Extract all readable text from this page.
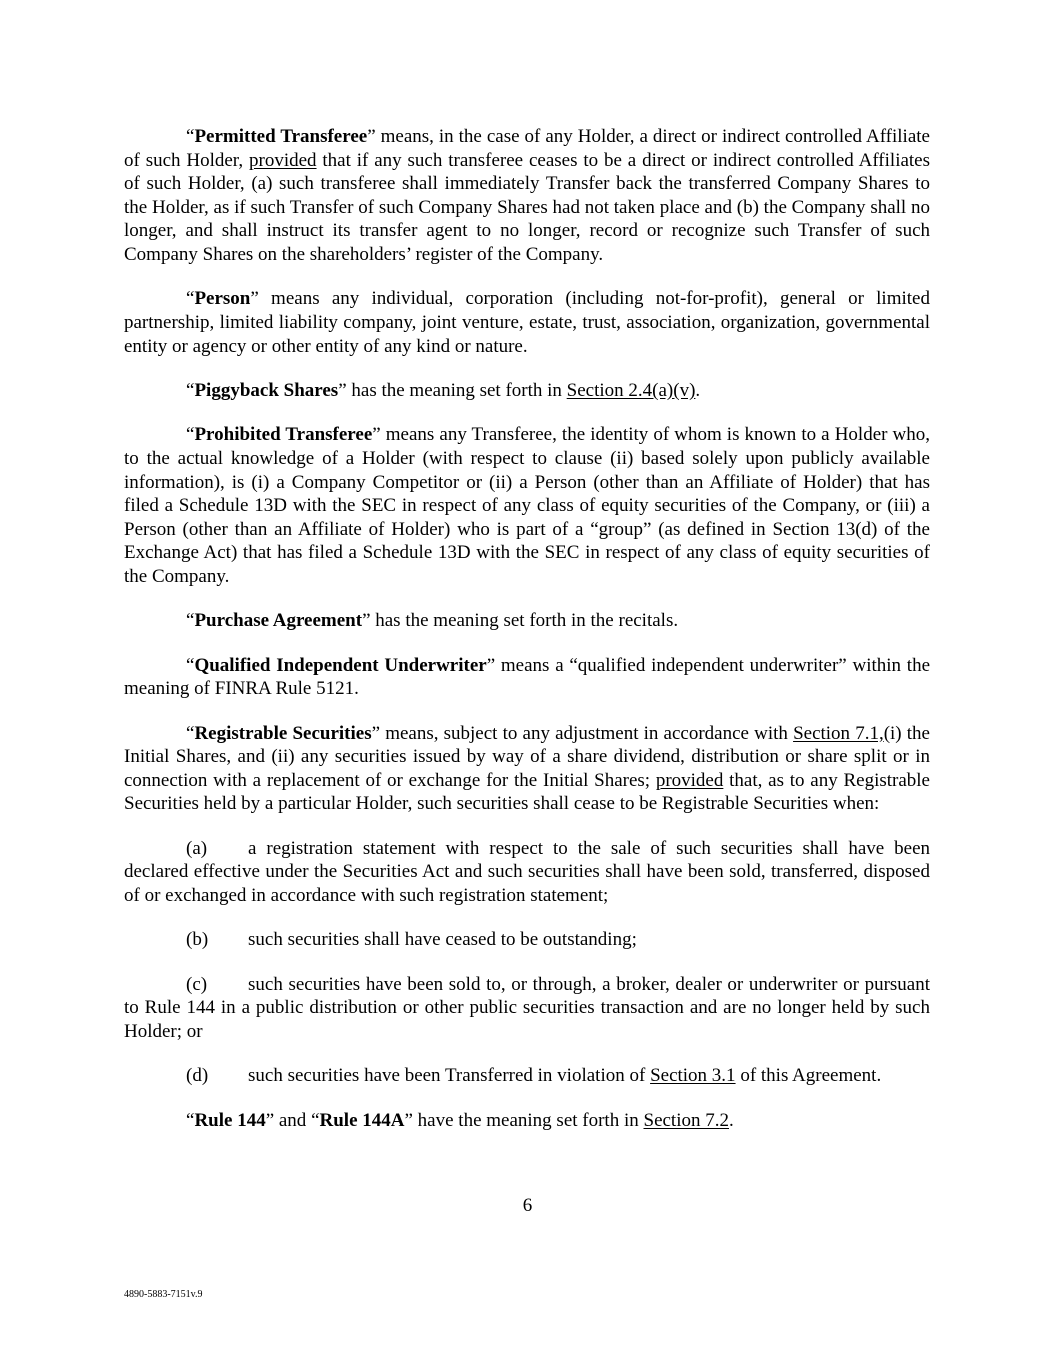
“Permitted Transferee” means, in the case of any Holder, a direct or indirect controlled Affiliate of such Holder, provided that if any such transferee ceases to be a direct or indirect controlled Affiliates of such Holder, (a) such transferee shall immediately Transfer back the transferred Company Shares to the Holder, as if such Transfer of such Company Shares had not taken place and (b) the Company shall no longer, and shall instruct its transfer agent to no longer, record or recognize such Transfer of such Company Shares on the shareholders’ register of the Company.

“Person” means any individual, corporation (including not-for-profit), general or limited partnership, limited liability company, joint venture, estate, trust, association, organization, governmental entity or agency or other entity of any kind or nature.

“Piggyback Shares” has the meaning set forth in Section 2.4(a)(v).

“Prohibited Transferee” means any Transferee, the identity of whom is known to a Holder who, to the actual knowledge of a Holder (with respect to clause (ii) based solely upon publicly available information), is (i) a Company Competitor or (ii) a Person (other than an Affiliate of Holder) that has filed a Schedule 13D with the SEC in respect of any class of equity securities of the Company, or (iii) a Person (other than an Affiliate of Holder) who is part of a “group” (as defined in Section 13(d) of the Exchange Act) that has filed a Schedule 13D with the SEC in respect of any class of equity securities of the Company.

“Purchase Agreement” has the meaning set forth in the recitals.

“Qualified Independent Underwriter” means a “qualified independent underwriter” within the meaning of FINRA Rule 5121.

“Registrable Securities” means, subject to any adjustment in accordance with Section 7.1,(i) the Initial Shares, and (ii) any securities issued by way of a share dividend, distribution or share split or in connection with a replacement of or exchange for the Initial Shares; provided that, as to any Registrable Securities held by a particular Holder, such securities shall cease to be Registrable Securities when:

(a) a registration statement with respect to the sale of such securities shall have been declared effective under the Securities Act and such securities shall have been sold, transferred, disposed of or exchanged in accordance with such registration statement;

(b) such securities shall have ceased to be outstanding;

(c) such securities have been sold to, or through, a broker, dealer or underwriter or pursuant to Rule 144 in a public distribution or other public securities transaction and are no longer held by such Holder; or

(d) such securities have been Transferred in violation of Section 3.1 of this Agreement.

“Rule 144” and “Rule 144A” have the meaning set forth in Section 7.2.

6
4890-5883-7151v.9
